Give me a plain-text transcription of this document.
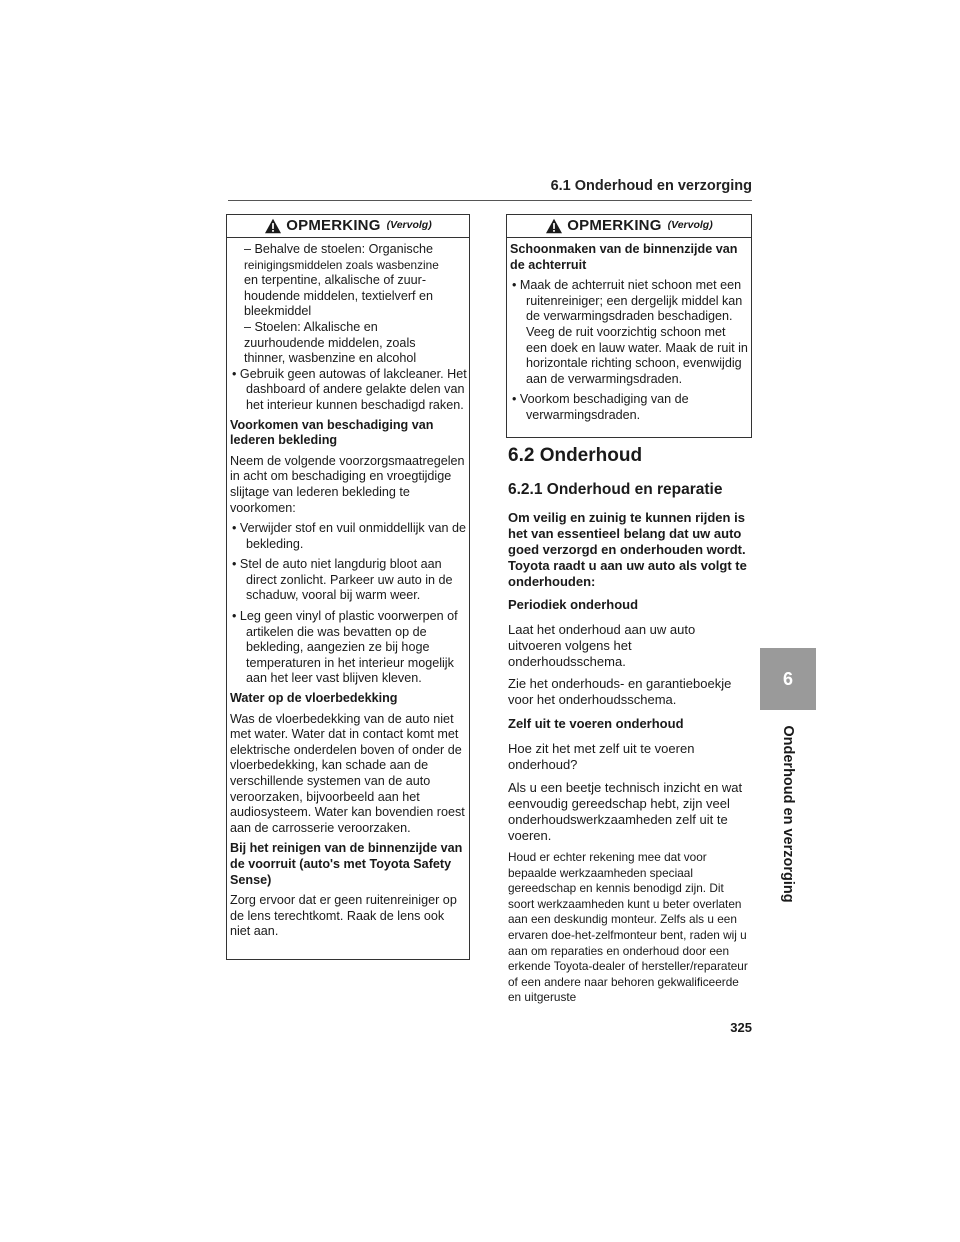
6.1 Onderhoud en verzorging
OPMERKING (Vervolg)

– Behalve de stoelen: Organische

reinigingsmiddelen zoals wasbenzine

en terpentine, alkalische of zuur-

houdende middelen, textielverf en

bleekmiddel

– Stoelen: Alkalische en

zuurhoudende middelen, zoals

thinner, wasbenzine en alcohol

• Gebruik geen autowas of lakcleaner. Het dashboard of andere gelakte delen van het interieur kunnen beschadigd raken.

Voorkomen van beschadiging van lederen bekleding

Neem de volgende voorzorgsmaatregelen in acht om beschadiging en vroegtijdige slijtage van lederen bekleding te voorkomen:

• Verwijder stof en vuil onmiddellijk van de bekleding.

• Stel de auto niet langdurig bloot aan direct zonlicht. Parkeer uw auto in de schaduw, vooral bij warm weer.

• Leg geen vinyl of plastic voorwerpen of artikelen die was bevatten op de bekleding, aangezien ze bij hoge temperaturen in het interieur mogelijk aan het leer vast blijven kleven.

Water op de vloerbedekking

Was de vloerbedekking van de auto niet met water. Water dat in contact komt met elektrische onderdelen boven of onder de vloerbedekking, kan schade aan de verschillende systemen van de auto veroorzaken, bijvoorbeeld aan het audiosysteem. Water kan bovendien roest aan de carrosserie veroorzaken.

Bij het reinigen van de binnenzijde van de voorruit (auto's met Toyota Safety Sense)

Zorg ervoor dat er geen ruitenreiniger op de lens terechtkomt. Raak de lens ook niet aan.

OPMERKING (Vervolg)

Schoonmaken van de binnenzijde van de achterruit

• Maak de achterruit niet schoon met een ruitenreiniger; een dergelijk middel kan de verwarmingsdraden beschadigen. Veeg de ruit voorzichtig schoon met een doek en lauw water. Maak de ruit in horizontale richting schoon, evenwijdig aan de verwarmingsdraden.

• Voorkom beschadiging van de verwarmingsdraden.

6.2 Onderhoud

6.2.1 Onderhoud en reparatie

Om veilig en zuinig te kunnen rijden is het van essentieel belang dat uw auto goed verzorgd en onderhouden wordt. Toyota raadt u aan uw auto als volgt te onderhouden:

Periodiek onderhoud

Laat het onderhoud aan uw auto uitvoeren volgens het onderhoudsschema.

Zie het onderhouds- en garantieboekje voor het onderhoudsschema.

Zelf uit te voeren onderhoud

Hoe zit het met zelf uit te voeren onderhoud?

Als u een beetje technisch inzicht en wat eenvoudig gereedschap hebt, zijn veel onderhoudswerkzaamheden zelf uit te voeren.

Houd er echter rekening mee dat voor bepaalde werkzaamheden speciaal gereedschap en kennis benodigd zijn. Dit soort werkzaamheden kunt u beter overlaten aan een deskundig monteur. Zelfs als u een ervaren doe-het-zelfmonteur bent, raden wij u aan om reparaties en onderhoud door een erkende Toyota-dealer of hersteller/reparateur of een andere naar behoren gekwalificeerde en uitgeruste

325
6
Onderhoud en verzorging
